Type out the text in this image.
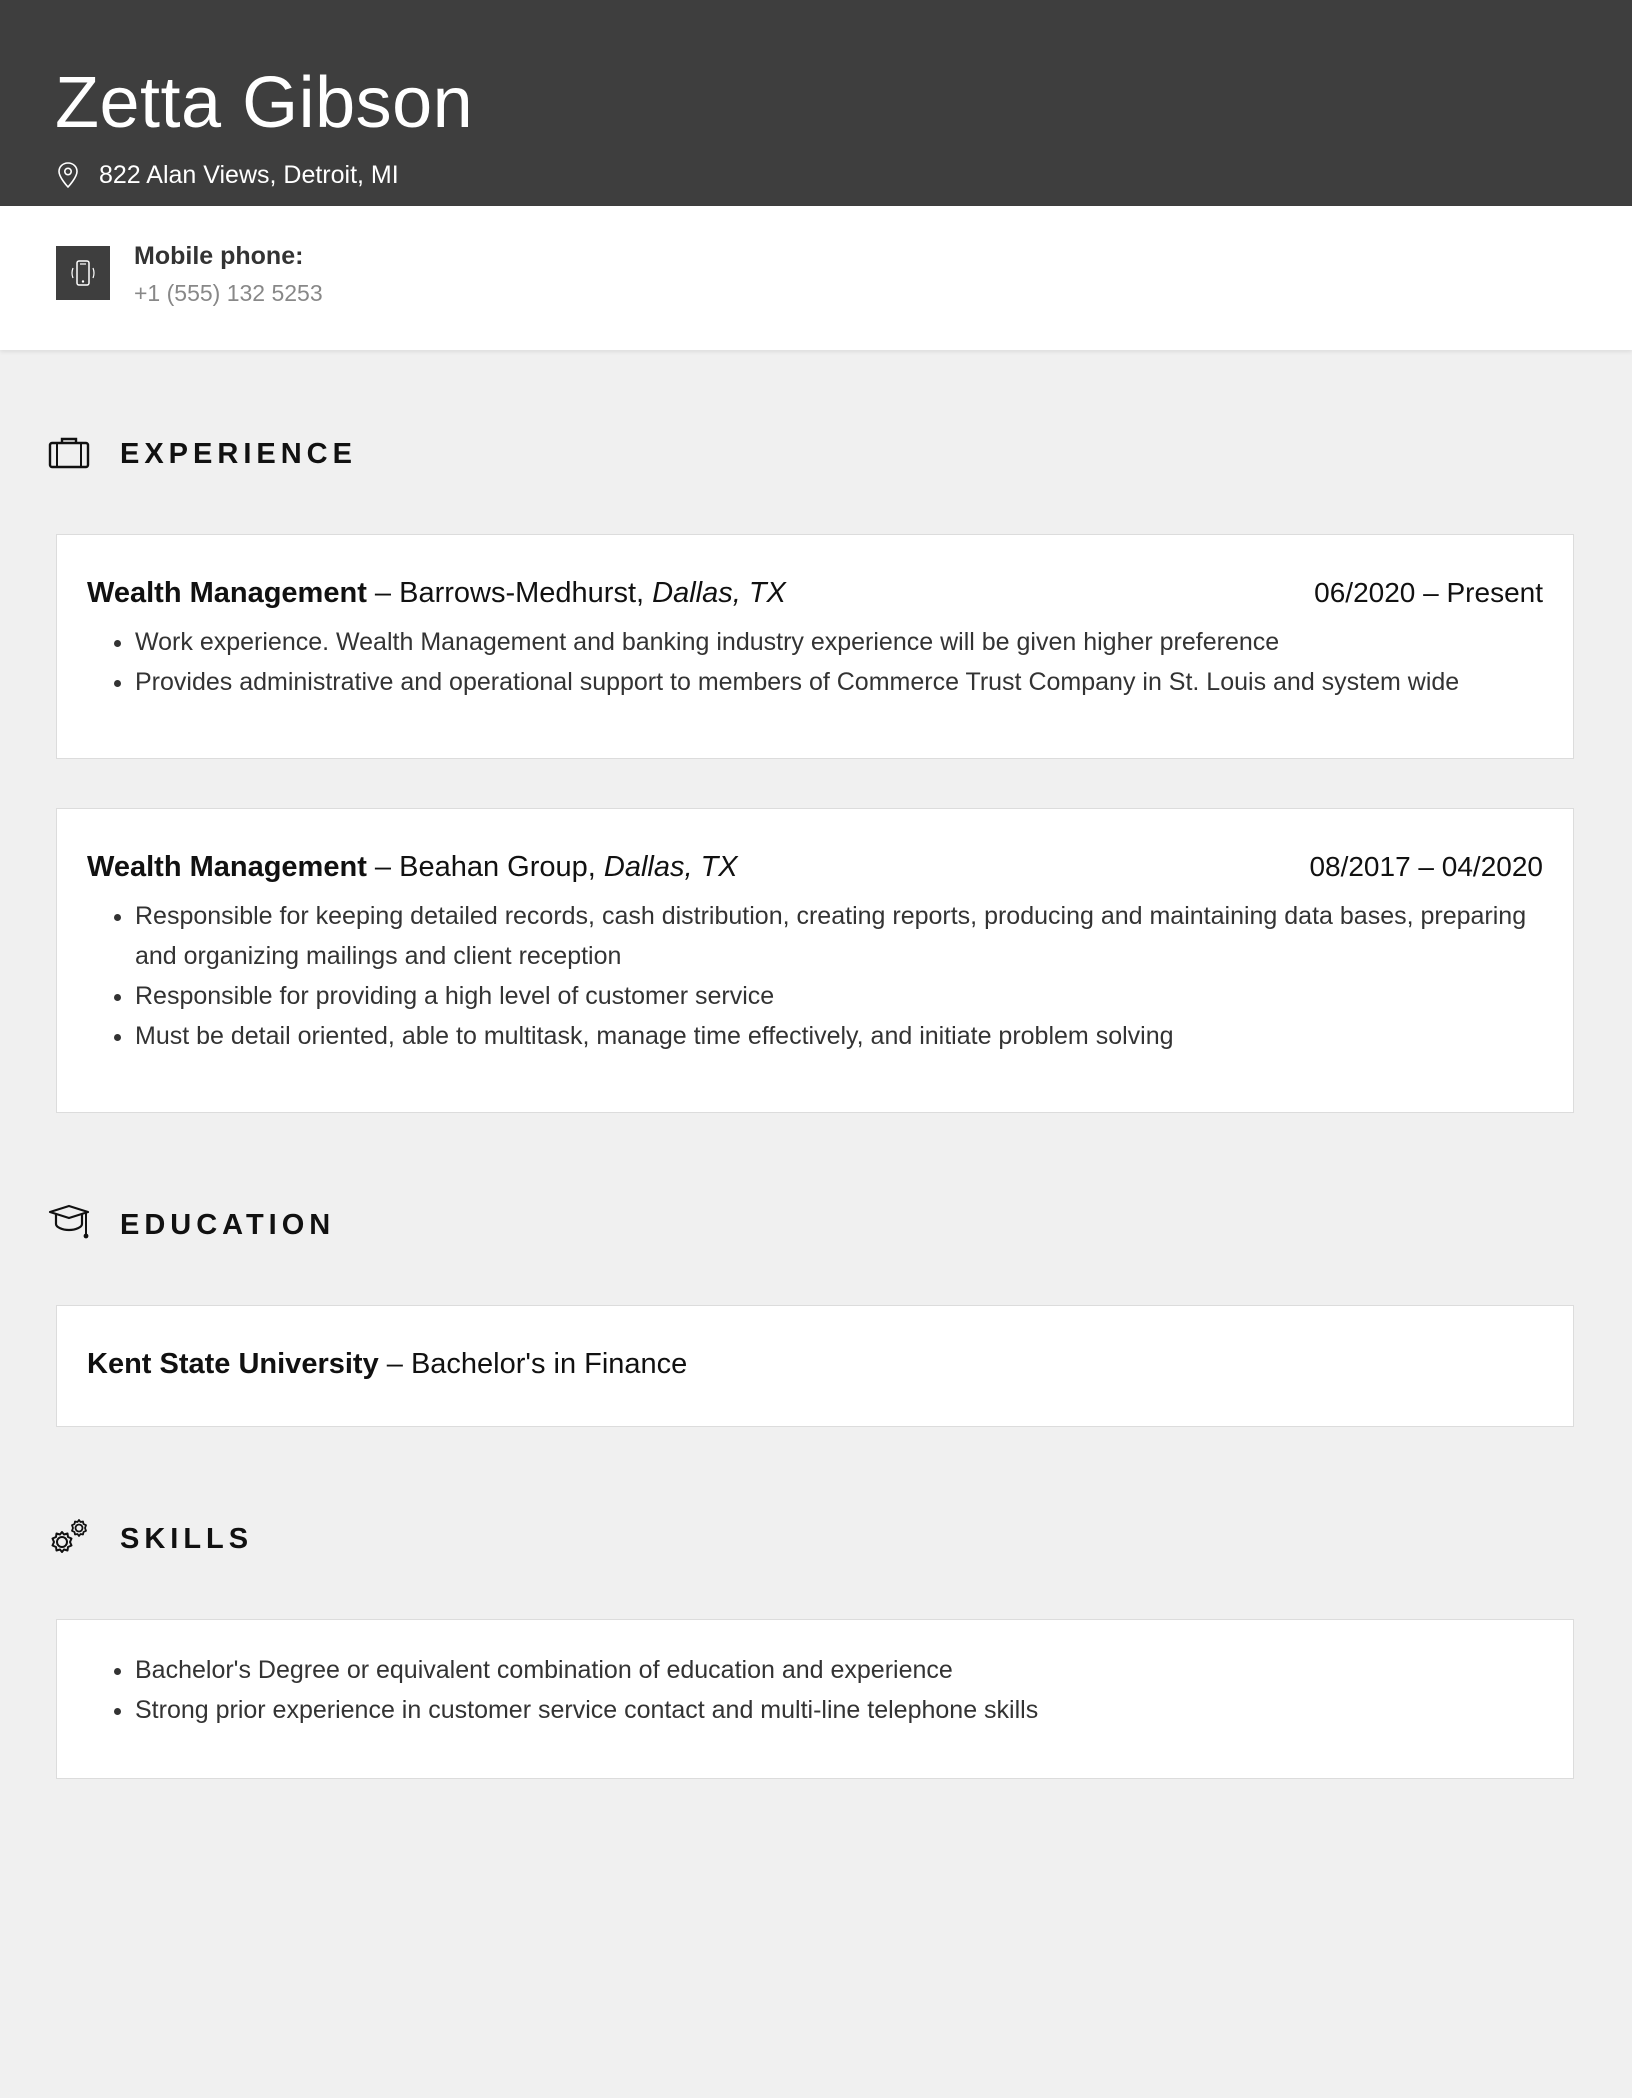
Zetta Gibson
822 Alan Views, Detroit, MI
Mobile phone:
+1 (555) 132 5253
EXPERIENCE
Wealth Management – Barrows-Medhurst, Dallas, TX	06/2020 – Present
• Work experience. Wealth Management and banking industry experience will be given higher preference
• Provides administrative and operational support to members of Commerce Trust Company in St. Louis and system wide
Wealth Management – Beahan Group, Dallas, TX	08/2017 – 04/2020
• Responsible for keeping detailed records, cash distribution, creating reports, producing and maintaining data bases, preparing and organizing mailings and client reception
• Responsible for providing a high level of customer service
• Must be detail oriented, able to multitask, manage time effectively, and initiate problem solving
EDUCATION
Kent State University – Bachelor's in Finance
SKILLS
• Bachelor's Degree or equivalent combination of education and experience
• Strong prior experience in customer service contact and multi-line telephone skills
